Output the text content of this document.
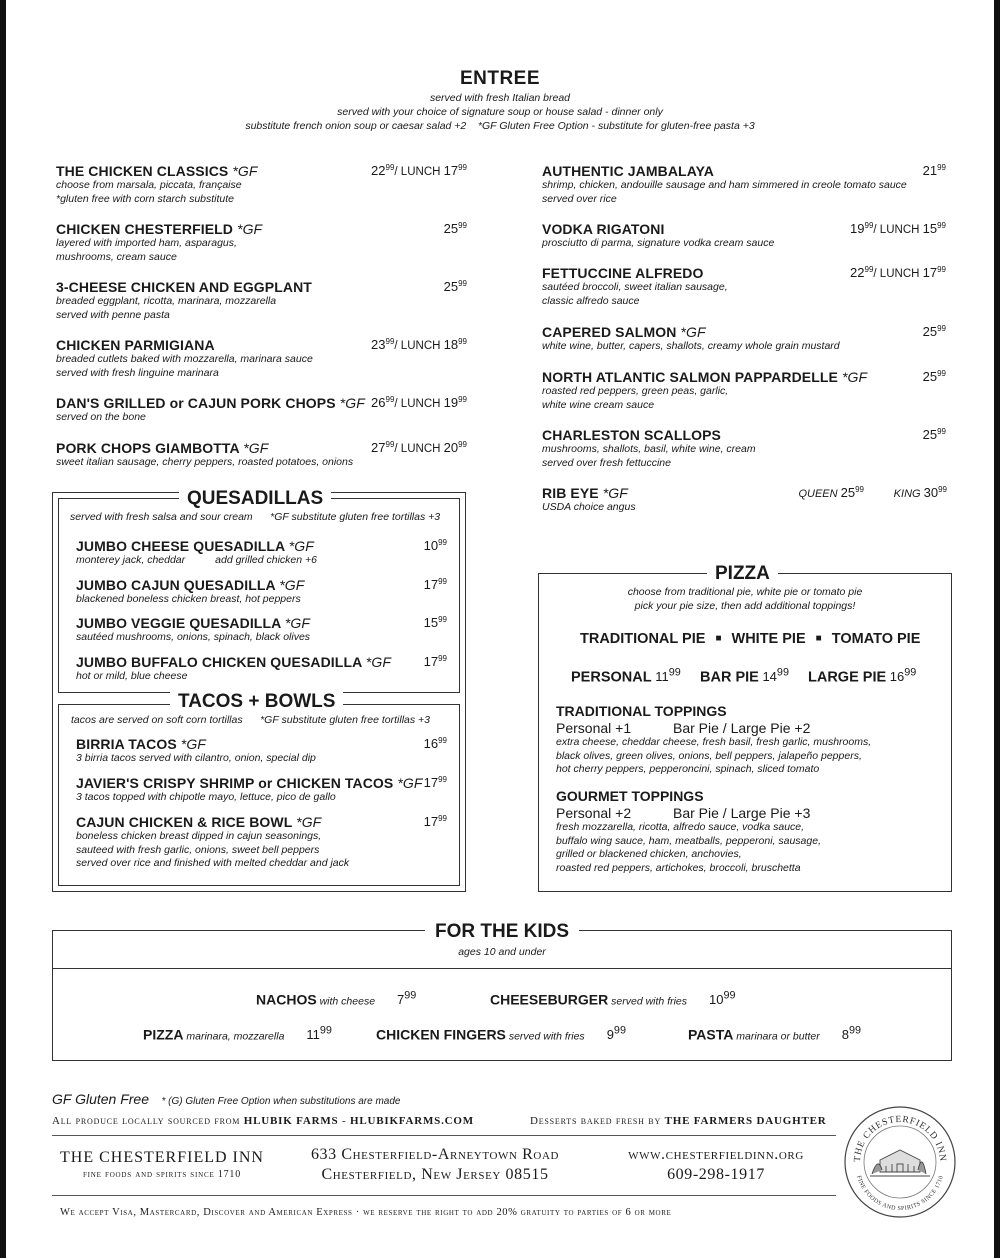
ENTREE
served with fresh Italian bread
served with your choice of signature soup or house salad - dinner only
substitute french onion soup or caesar salad +2    *GF Gluten Free Option - substitute for gluten-free pasta +3
THE CHICKEN CLASSICS *GF
choose from marsala, piccata, française
*gluten free with corn starch substitute
$22^{99}/$ LUNCH $17^{99}$
CHICKEN CHESTERFIELD *GF
layered with imported ham, asparagus,
mushrooms, cream sauce
$25^{99}$
3-CHEESE CHICKEN AND EGGPLANT
breaded eggplant, ricotta, marinara, mozzarella
served with penne pasta
$25^{99}$
CHICKEN PARMIGIANA
breaded cutlets baked with mozzarella, marinara sauce
served with fresh linguine marinara
$23^{99}/$ LUNCH $18^{99}$
DAN'S GRILLED or CAJUN PORK CHOPS *GF
served on the bone
$26^{99}/$ LUNCH $19^{99}$
PORK CHOPS GIAMBOTTA *GF
sweet italian sausage, cherry peppers, roasted potatoes, onions
$27^{99}/$ LUNCH $20^{99}$
AUTHENTIC JAMBALAYA
shrimp, chicken, andouille sausage and ham simmered in creole tomato sauce
served over rice
$21^{99}$
VODKA RIGATONI
prosciutto di parma, signature vodka cream sauce
$19^{99}/$ LUNCH $15^{99}$
FETTUCCINE ALFREDO
sautéed broccoli, sweet italian sausage,
classic alfredo sauce
$22^{99}/$ LUNCH $17^{99}$
CAPERED SALMON *GF
white wine, butter, capers, shallots, creamy whole grain mustard
$25^{99}$
NORTH ATLANTIC SALMON PAPPARDELLE *GF
roasted red peppers, green peas, garlic,
white wine cream sauce
$25^{99}$
CHARLESTON SCALLOPS
mushrooms, shallots, basil, white wine, cream
served over fresh fettuccine
$25^{99}$
RIB EYE *GF
USDA choice angus
QUEEN $25^{99}$	KING $30^{99}$
QUESADILLAS
served with fresh salsa and sour cream      *GF substitute gluten free tortillas +3
JUMBO CHEESE QUESADILLA *GF
monterey jack, cheddar	add grilled chicken +6
$10^{99}$
JUMBO CAJUN QUESADILLA *GF
blackened boneless chicken breast, hot peppers
$17^{99}$
JUMBO VEGGIE QUESADILLA *GF
sautéed mushrooms, onions, spinach, black olives
$15^{99}$
JUMBO BUFFALO CHICKEN QUESADILLA *GF
hot or mild, blue cheese
$17^{99}$
TACOS + BOWLS
tacos are served on soft corn tortillas      *GF substitute gluten free tortillas +3
BIRRIA TACOS *GF
3 birria tacos served with cilantro, onion, special dip
$16^{99}$
JAVIER'S CRISPY SHRIMP or CHICKEN TACOS *GF
3 tacos topped with chipotle mayo, lettuce, pico de gallo
$17^{99}$
CAJUN CHICKEN & RICE BOWL *GF
boneless chicken breast dipped in cajun seasonings,
sauteed with fresh garlic, onions, sweet bell peppers
served over rice and finished with melted cheddar and jack
$17^{99}$
PIZZA
choose from traditional pie, white pie or tomato pie
pick your pie size, then add additional toppings!
TRADITIONAL PIE ■ WHITE PIE ■ TOMATO PIE
PERSONAL $11^{99}$ BAR PIE $14^{99}$ LARGE PIE $16^{99}$
TRADITIONAL TOPPINGS
Personal +1	Bar Pie / Large Pie +2
extra cheese, cheddar cheese, fresh basil, fresh garlic, mushrooms,
black olives, green olives, onions, bell peppers, jalapeño peppers,
hot cherry peppers, pepperoncini, spinach, sliced tomato
GOURMET TOPPINGS
Personal +2	Bar Pie / Large Pie +3
fresh mozzarella, ricotta, alfredo sauce, vodka sauce,
buffalo wing sauce, ham, meatballs, pepperoni, sausage,
grilled or blackened chicken, anchovies,
roasted red peppers, artichokes, broccoli, bruschetta
FOR THE KIDS
ages 10 and under
NACHOS with cheese $7^{99}$	CHEESEBURGER served with fries $10^{99}$
PIZZA marinara, mozzarella $11^{99}$	CHICKEN FINGERS served with fries $9^{99}$	PASTA marinara or butter $8^{99}$
GF Gluten Free * (G) Gluten Free Option when substitutions are made
All produce locally sourced from HLUBIK FARMS - HLUBIKFARMS.COM	Desserts baked fresh by THE FARMERS DAUGHTER
THE CHESTERFIELD INN
fine foods and spirits since 1710
633 Chesterfield-Arneytown Road
Chesterfield, New Jersey 08515
www.chesterfieldinn.org
609-298-1917
We accept Visa, Mastercard, Discover and American Express · we reserve the right to add 20% gratuity to parties of 6 or more
THE CHESTERFIELD INN
FINE FOODS AND SPIRITS SINCE 1710
